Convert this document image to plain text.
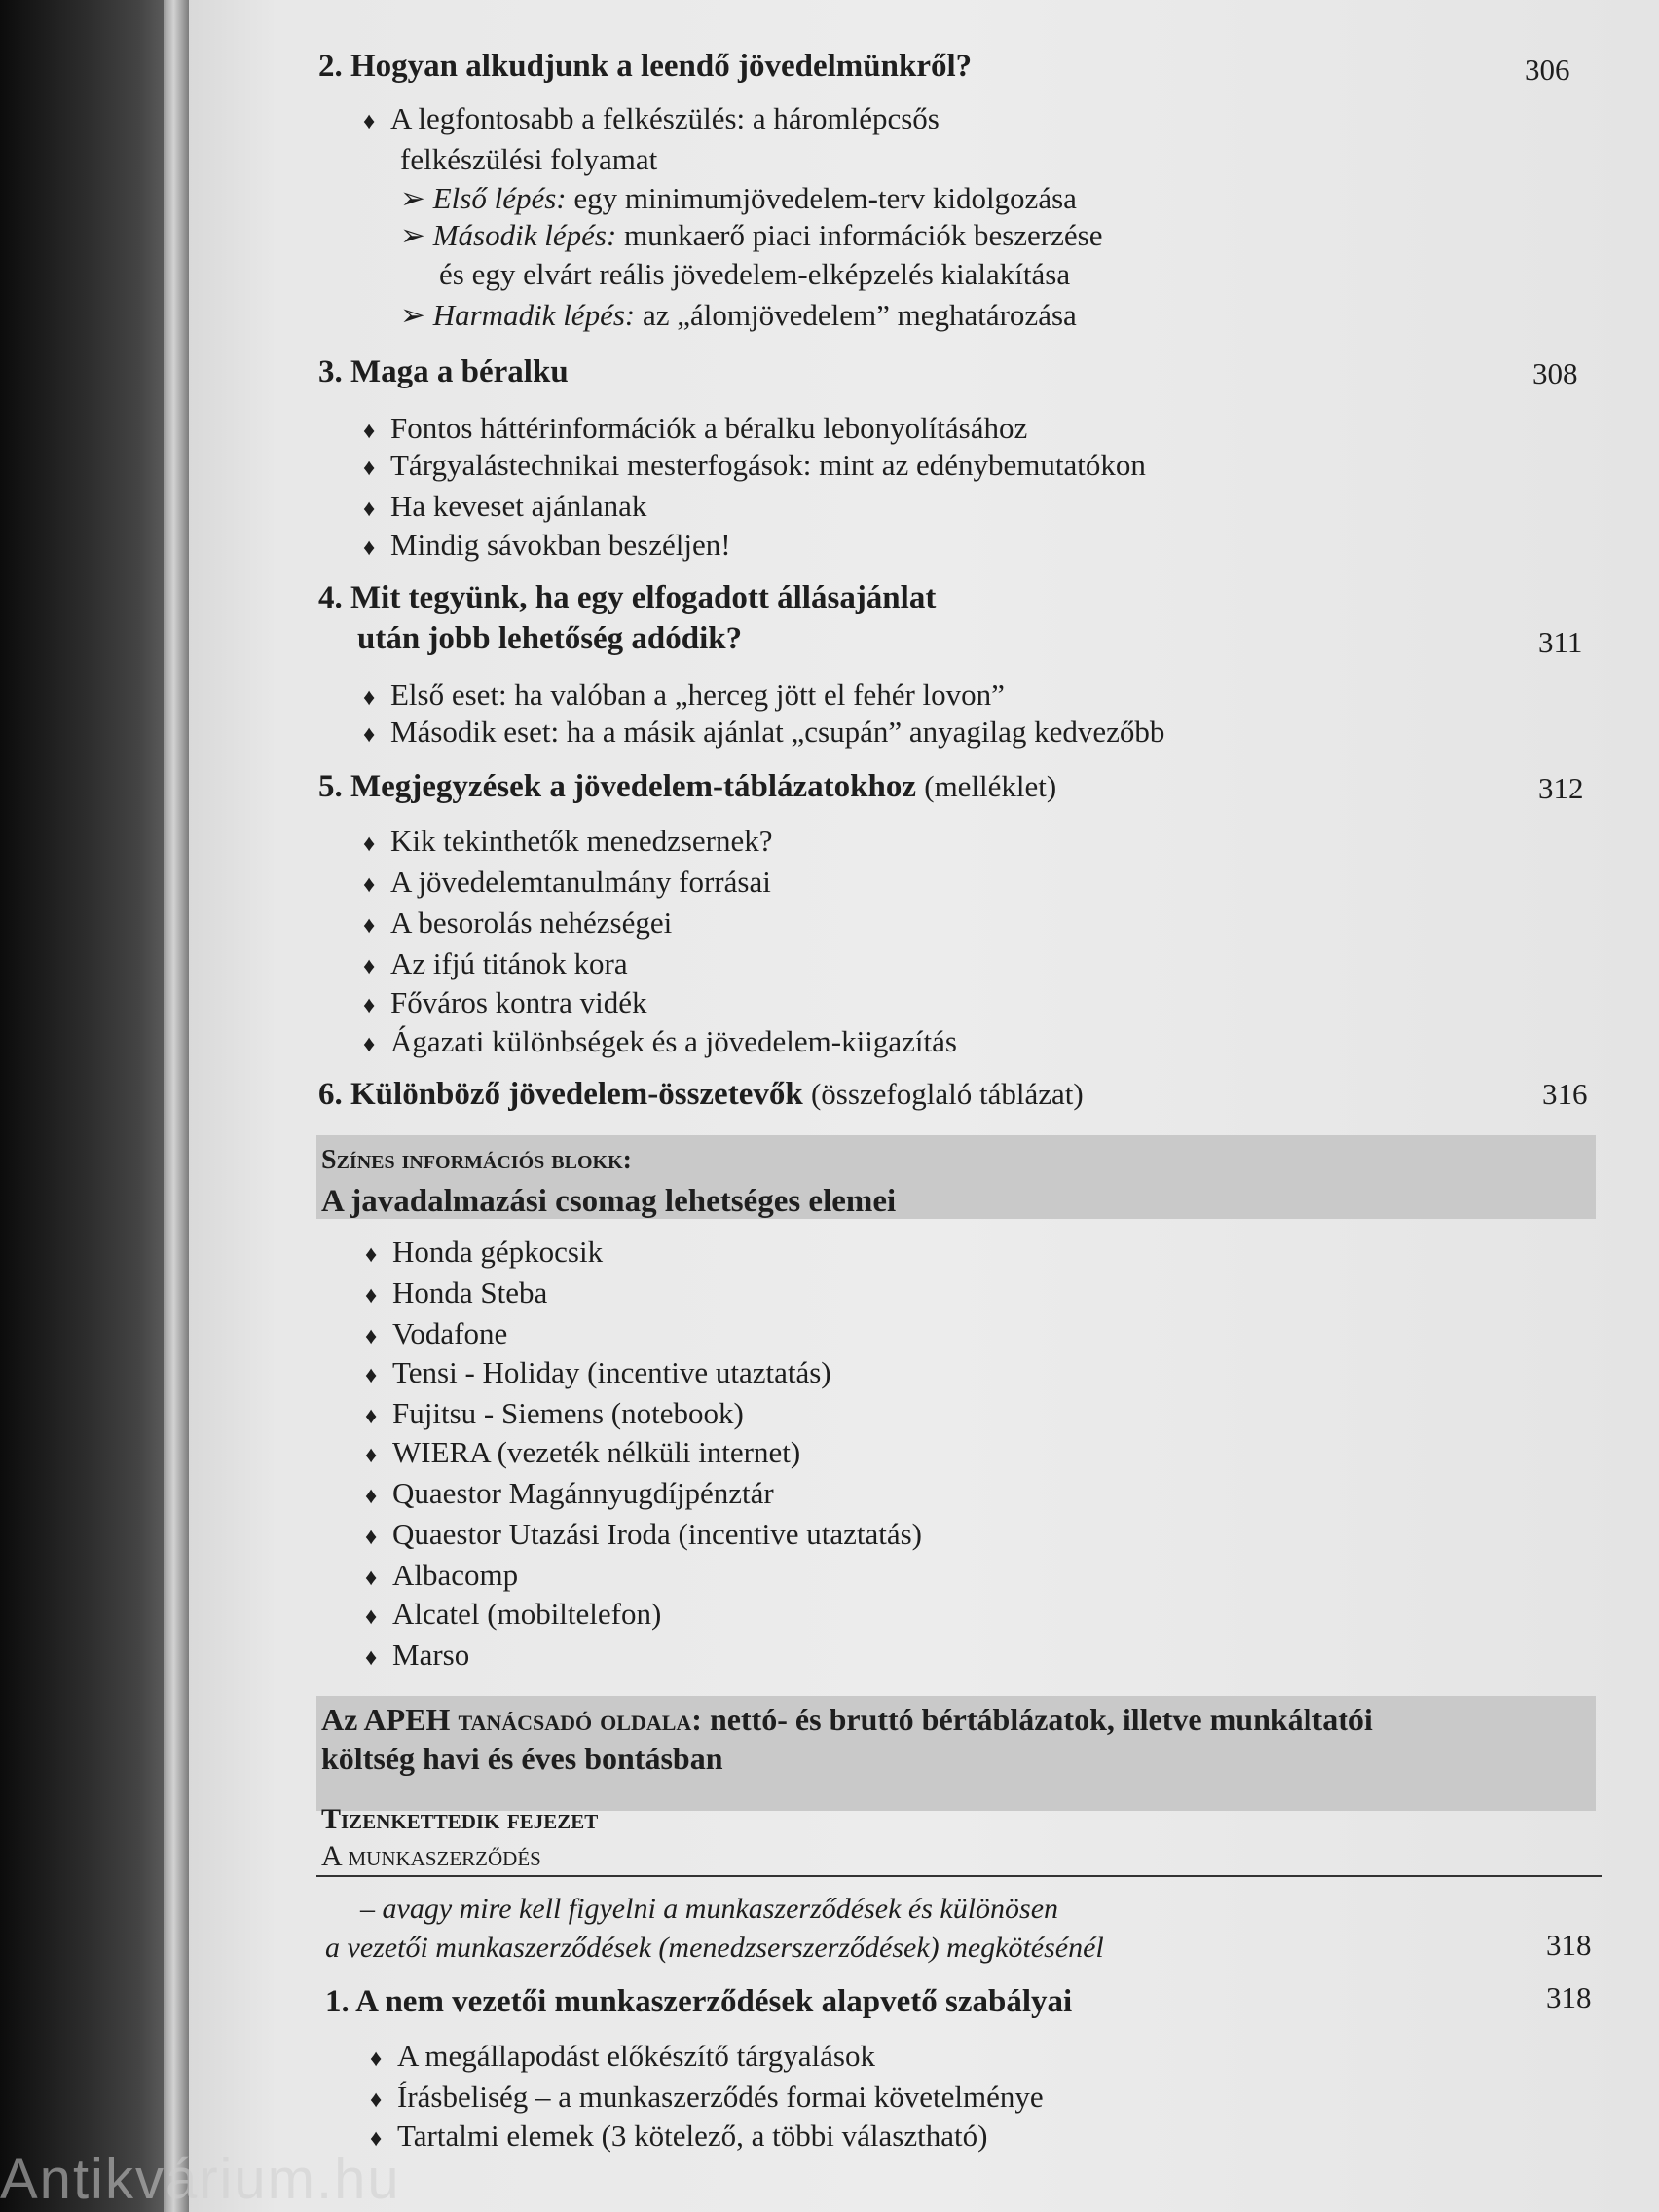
Antikvárium.hu
2. Hogyan alkudjunk a leendő jövedelmünkről?	306
♦ A legfontosabb a felkészülés: a háromlépcsős
felkészülési folyamat
➢ Első lépés: egy minimumjövedelem-terv kidolgozása
➢ Második lépés: munkaerő piaci információk beszerzése
és egy elvárt reális jövedelem-elképzelés kialakítása
➢ Harmadik lépés: az „álomjövedelem” meghatározása
3. Maga a béralku	308
♦ Fontos háttérinformációk a béralku lebonyolításához
♦ Tárgyalástechnikai mesterfogások: mint az edénybemutatókon
♦ Ha keveset ajánlanak
♦ Mindig sávokban beszéljen!
4. Mit tegyünk, ha egy elfogadott állásajánlat
után jobb lehetőség adódik?	311
♦ Első eset: ha valóban a „herceg jött el fehér lovon”
♦ Második eset: ha a másik ajánlat „csupán” anyagilag kedvezőbb
5. Megjegyzések a jövedelem-táblázatokhoz (melléklet)	312
♦ Kik tekinthetők menedzsernek?
♦ A jövedelemtanulmány forrásai
♦ A besorolás nehézségei
♦ Az ifjú titánok kora
♦ Főváros kontra vidék
♦ Ágazati különbségek és a jövedelem-kiigazítás
6. Különböző jövedelem-összetevők (összefoglaló táblázat)	316
Színes információs blokk:
A javadalmazási csomag lehetséges elemei
♦ Honda gépkocsik
♦ Honda Steba
♦ Vodafone
♦ Tensi - Holiday (incentive utaztatás)
♦ Fujitsu - Siemens (notebook)
♦ WIERA (vezeték nélküli internet)
♦ Quaestor Magánnyugdíjpénztár
♦ Quaestor Utazási Iroda (incentive utaztatás)
♦ Albacomp
♦ Alcatel (mobiltelefon)
♦ Marso
Az APEH tanácsadó oldala: nettó- és bruttó bértáblázatok, illetve munkáltatói
költség havi és éves bontásban
Tizenkettedik fejezet
A munkaszerződés
– avagy mire kell figyelni a munkaszerződések és különösen
a vezetői munkaszerződések (menedzserszerződések) megkötésénél	318
1. A nem vezetői munkaszerződések alapvető szabályai	318
♦ A megállapodást előkészítő tárgyalások
♦ Írásbeliség – a munkaszerződés formai követelménye
♦ Tartalmi elemek (3 kötelező, a többi választható)
